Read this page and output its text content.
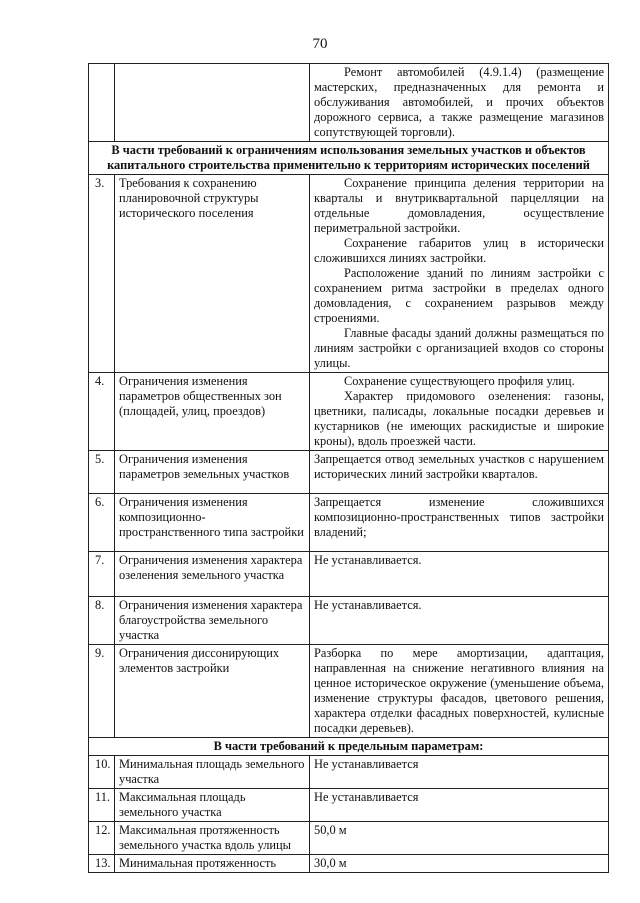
70

		Ремонт автомобилей (4.9.1.4) (размещение мастерских, предназначенных для ремонта и обслуживания автомобилей, и прочих объектов дорожного сервиса, а также размещение магазинов сопутствующей торговли).

В части требований к ограничениям использования земельных участков и объектов капитального строительства применительно к территориям исторических поселений		
3.	Требования к сохранению планировочной структуры исторического поселения	Сохранение принципа деления территории на кварталы и внутриквартальной парцелляции на отдельные домовладения, осуществление периметральной застройки.

Сохранение габаритов улиц в историчеcки сложившихся линиях застройки.

Расположение зданий по линиям застройки с сохранением ритма застройки в пределах одного домовладения, с сохранением разрывов между строениями.

Главные фасады зданий должны размещаться по линиям застройки с организацией входов со стороны улицы.

4.	Ограничения изменения параметров общественных зон (площадей, улиц, проездов)	Сохранение существующего профиля улиц.

Характер придомового озеленения: газоны, цветники, палисады, локальные посадки деревьев и кустарников (не имеющих раскидистые и широкие кроны), вдоль проезжей части.

5.	Ограничения изменения параметров земельных участков	Запрещается отвод земельных участков с нарушением исторических линий застройки кварталов.

6.	Ограничения изменения композиционно-пространственного типа застройки	Запрещается изменение сложившихся композиционно-пространственных типов застройки владений;

7.	Ограничения изменения характера озеленения земельного участка	Не устанавливается.

8.	Ограничения изменения характера благоустройства земельного участка	Не устанавливается.

9.	Ограничения диссонирующих элементов застройки	Разборка по мере амортизации, адаптация, направленная на снижение негативного влияния на ценное историческое окружение (уменьшение объема, изменение структуры фасадов, цветового решения, характера отделки фасадных поверхностей, кулисные посадки деревьев).

В части требований к предельным параметрам:		
10.	Минимальная площадь земельного участка	Не устанавливается

11.	Максимальная площадь земельного участка	Не устанавливается

12.	Максимальная протяженность земельного участка вдоль улицы	50,0 м

13.	Минимальная протяженность	30,0 м
